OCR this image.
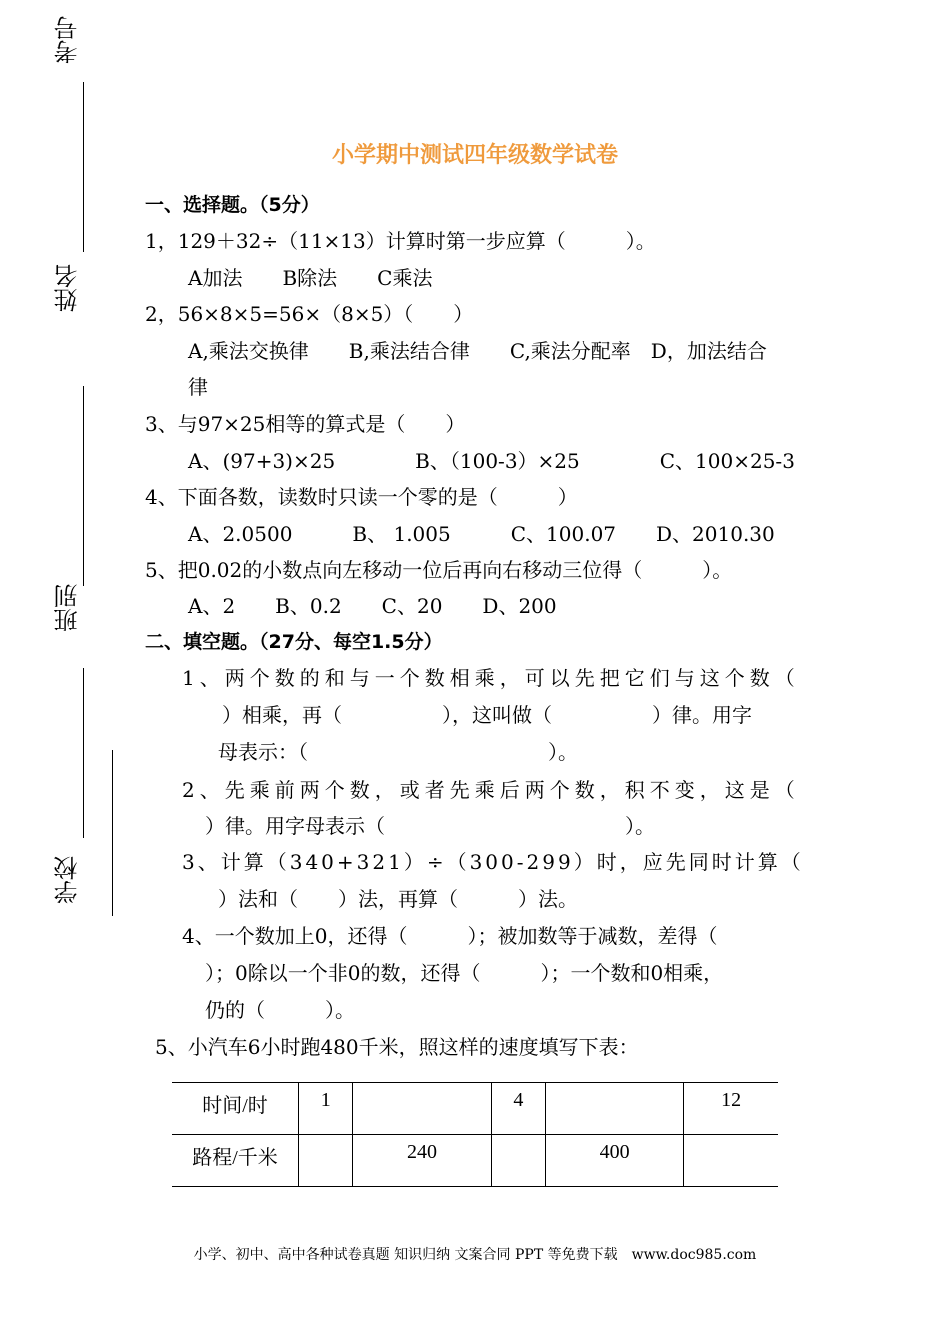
考号
姓名
班别
学校
小学期中测试四年级数学试卷
一、选择题。（5分）
1，129＋32÷（11×13）计算时第一步应算（　　　）。
A加法　　B除法　　C乘法
2，56×8×5=56×（8×5）（　　）
A,乘法交换律　　B,乘法结合律　　C,乘法分配率　D，加法结合
律
3、与97×25相等的算式是（　　）
A、(97+3)×25　　　　B、（100-3）×25　　　　C、100×25-3
4、下面各数，读数时只读一个零的是（　　　）
A、2.0500　　　B、 1.005　　　C、100.07　　D、2010.30
5、把0.02的小数点向左移动一位后再向右移动三位得（　　　）。
A、2　　B、0.2　　C、20　　D、200
二、填空题。（27分、每空1.5分）
1、两个数的和与一个数相乘，可以先把它们与这个数（
）相乘，再（　　　　　），这叫做（　　　　　）律。用字
母表示：（　　　　　　　　　　　　）。
2、先乘前两个数，或者先乘后两个数，积不变，这是（
）律。用字母表示（　　　　　　　　　　　　）。
3、计算（340+321）÷（300-299）时，应先同时计算（
）法和（　　）法，再算（　　　）法。
4、一个数加上0，还得（　　　）；被加数等于减数，差得（
）；0除以一个非0的数，还得（　　　）；一个数和0相乘，
仍的（　　　）。
5、小汽车6小时跑480千米，照这样的速度填写下表：
时间/时	1		4		12
路程/千米		240		400	
小学、初中、高中各种试卷真题 知识归纳 文案合同 PPT 等免费下载　www.doc985.com
